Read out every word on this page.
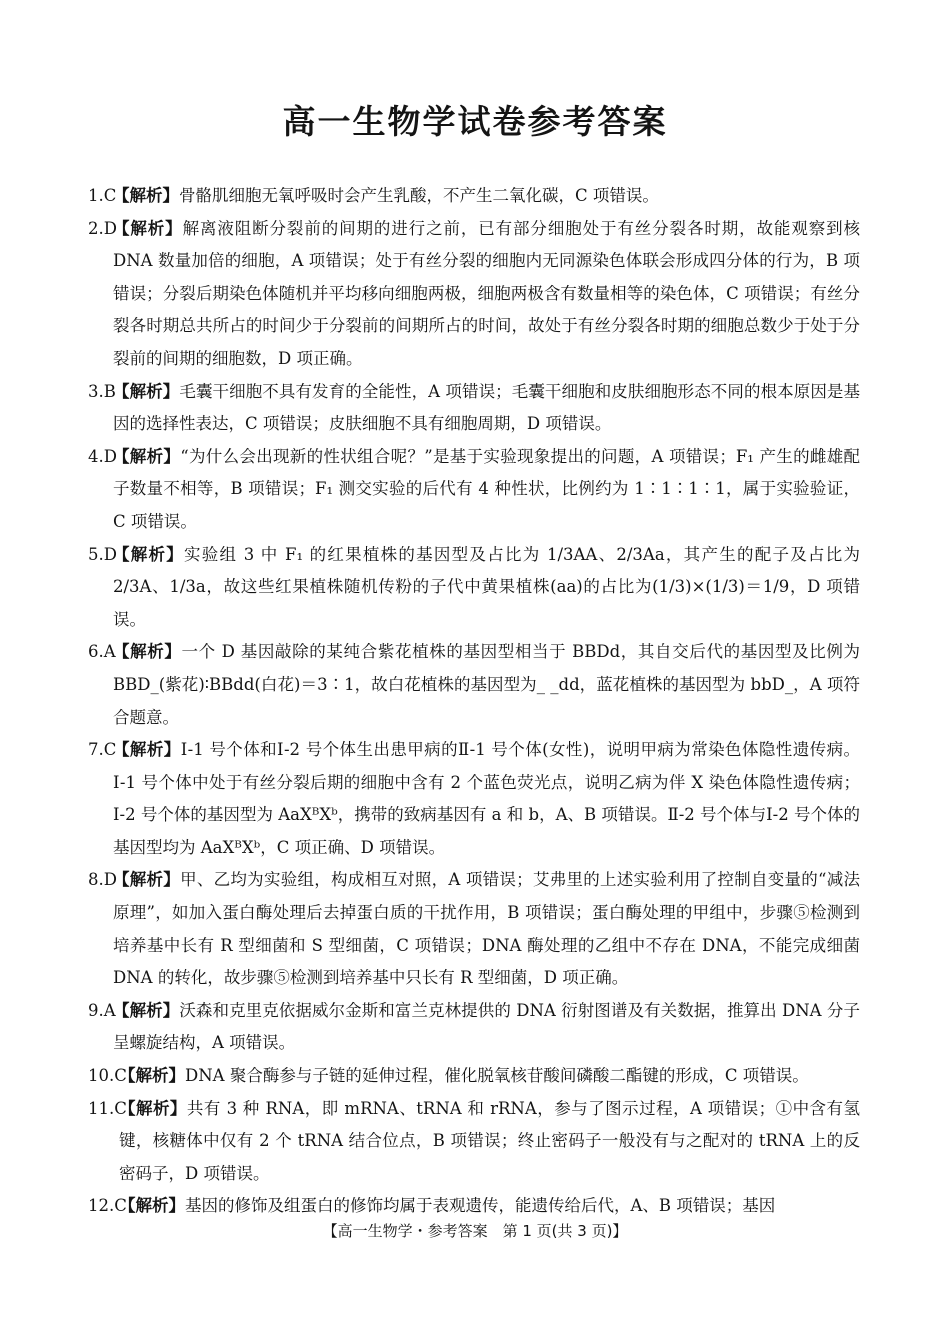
高一生物学试卷参考答案
1.C
【解析】骨骼肌细胞无氧呼吸时会产生乳酸，不产生二氧化碳，C 项错误。
2.D
【解析】解离液阻断分裂前的间期的进行之前，已有部分细胞处于有丝分裂各时期，故能观察到核 DNA 数量加倍的细胞，A 项错误；处于有丝分裂的细胞内无同源染色体联会形成四分体的行为，B 项错误；分裂后期染色体随机并平均移向细胞两极，细胞两极含有数量相等的染色体，C 项错误；有丝分裂各时期总共所占的时间少于分裂前的间期所占的时间，故处于有丝分裂各时期的细胞总数少于处于分裂前的间期的细胞数，D 项正确。
3.B
【解析】毛囊干细胞不具有发育的全能性，A 项错误；毛囊干细胞和皮肤细胞形态不同的根本原因是基因的选择性表达，C 项错误；皮肤细胞不具有细胞周期，D 项错误。
4.D
【解析】“为什么会出现新的性状组合呢？”是基于实验现象提出的问题，A 项错误；F₁ 产生的雌雄配子数量不相等，B 项错误；F₁ 测交实验的后代有 4 种性状，比例约为 1∶1∶1∶1，属于实验验证，C 项错误。
5.D
【解析】实验组 3 中 F₁ 的红果植株的基因型及占比为 1/3AA、2/3Aa，其产生的配子及占比为 2/3A、1/3a，故这些红果植株随机传粉的子代中黄果植株(aa)的占比为(1/3)×(1/3)＝1/9，D 项错误。
6.A
【解析】一个 D 基因敲除的某纯合紫花植株的基因型相当于 BBDd，其自交后代的基因型及比例为 BBD_(紫花)∶BBdd(白花)＝3∶1，故白花植株的基因型为_ _dd，蓝花植株的基因型为 bbD_，A 项符合题意。
7.C
【解析】Ⅰ-1 号个体和Ⅰ-2 号个体生出患甲病的Ⅱ-1 号个体(女性)，说明甲病为常染色体隐性遗传病。Ⅰ-1 号个体中处于有丝分裂后期的细胞中含有 2 个蓝色荧光点，说明乙病为伴 X 染色体隐性遗传病；Ⅰ-2 号个体的基因型为 AaXᴮXᵇ，携带的致病基因有 a 和 b，A、B 项错误。Ⅱ-2 号个体与Ⅰ-2 号个体的基因型均为 AaXᴮXᵇ，C 项正确、D 项错误。
8.D
【解析】甲、乙均为实验组，构成相互对照，A 项错误；艾弗里的上述实验利用了控制自变量的“减法原理”，如加入蛋白酶处理后去掉蛋白质的干扰作用，B 项错误；蛋白酶处理的甲组中，步骤⑤检测到培养基中长有 R 型细菌和 S 型细菌，C 项错误；DNA 酶处理的乙组中不存在 DNA，不能完成细菌 DNA 的转化，故步骤⑤检测到培养基中只长有 R 型细菌，D 项正确。
9.A
【解析】沃森和克里克依据威尔金斯和富兰克林提供的 DNA 衍射图谱及有关数据，推算出 DNA 分子呈螺旋结构，A 项错误。
10.C
【解析】DNA 聚合酶参与子链的延伸过程，催化脱氧核苷酸间磷酸二酯键的形成，C 项错误。
11.C
【解析】共有 3 种 RNA，即 mRNA、tRNA 和 rRNA，参与了图示过程，A 项错误；①中含有氢键，核糖体中仅有 2 个 tRNA 结合位点，B 项错误；终止密码子一般没有与之配对的 tRNA 上的反密码子，D 项错误。
12.C
【解析】基因的修饰及组蛋白的修饰均属于表观遗传，能遗传给后代，A、B 项错误；基因
【高一生物学・参考答案　第 1 页(共 3 页)】
